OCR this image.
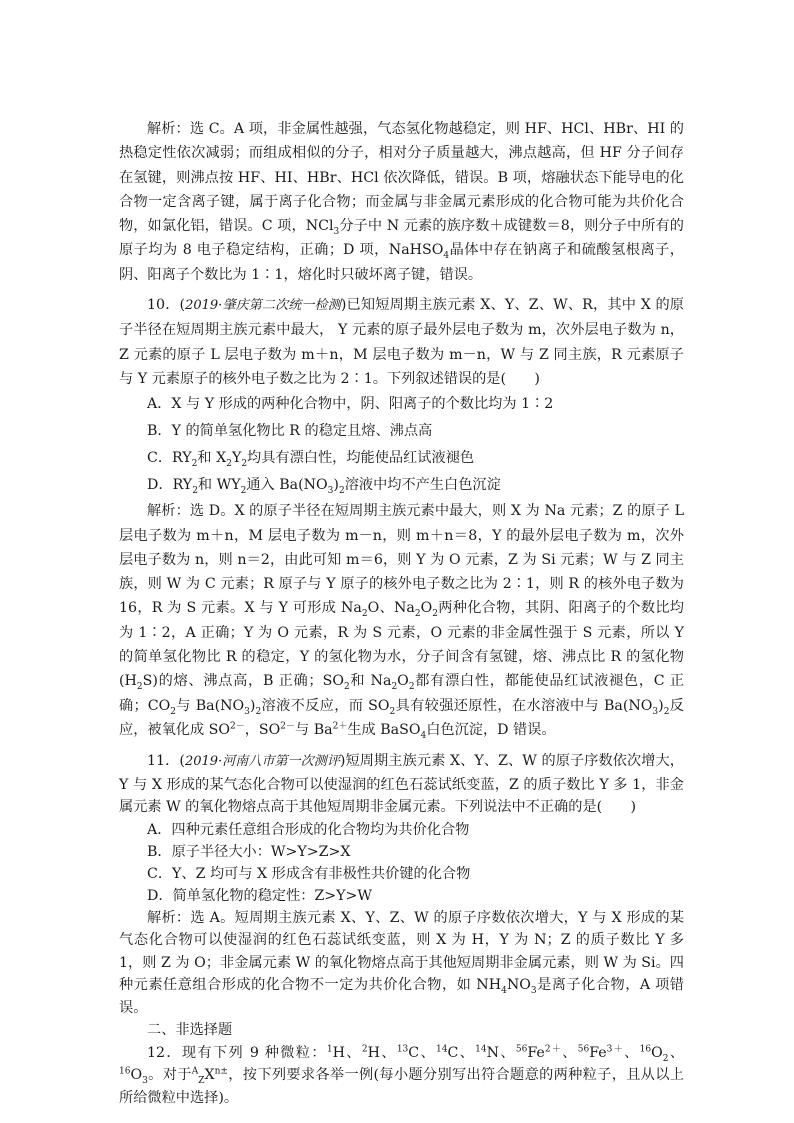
解析：选 C。A 项，非金属性越强，气态氢化物越稳定，则 HF、HCl、HBr、HI 的热稳定性依次减弱；而组成相似的分子，相对分子质量越大，沸点越高，但 HF 分子间存在氢键，则沸点按 HF、HI、HBr、HCl 依次降低，错误。B 项，熔融状态下能导电的化合物一定含离子键，属于离子化合物；而金属与非金属元素形成的化合物可能为共价化合物，如氯化铝，错误。C 项，NCl$_3$分子中 N 元素的族序数＋成键数＝8，则分子中所有的原子均为 8 电子稳定结构，正确；D 项，NaHSO$_4$晶体中存在钠离子和硫酸氢根离子，阴、阳离子个数比为 1∶1，熔化时只破坏离子键，错误。

10．(2019·肇庆第二次统一检测)已知短周期主族元素 X、Y、Z、W、R，其中 X 的原子半径在短周期主族元素中最大， Y 元素的原子最外层电子数为 m，次外层电子数为 n，Z 元素的原子 L 层电子数为 m＋n，M 层电子数为 m－n，W 与 Z 同主族，R 元素原子与 Y 元素原子的核外电子数之比为 2∶1。下列叙述错误的是(　　)

A．X 与 Y 形成的两种化合物中，阴、阳离子的个数比均为 1∶2

B．Y 的简单氢化物比 R 的稳定且熔、沸点高

C．$RY_2$和 $X_2Y_2$均具有漂白性，均能使品红试液褪色

D．$RY_2$和 $WY_2$通入 $Ba(NO_3)_2$溶液中均不产生白色沉淀

解析：选 D。X 的原子半径在短周期主族元素中最大，则 X 为 Na 元素；Z 的原子 L 层电子数为 m＋n，M 层电子数为 m－n，则 m＋n＝8，Y 的最外层电子数为 m，次外层电子数为 n，则 n＝2，由此可知 m＝6，则 Y 为 O 元素，Z 为 Si 元素；W 与 Z 同主族，则 W 为 C 元素；R 原子与 Y 原子的核外电子数之比为 2∶1，则 R 的核外电子数为 16，R 为 S 元素。X 与 Y 可形成 $Na_2O$、$Na_2O_2$两种化合物，其阴、阳离子的个数比均为 1∶2，A 正确；Y 为 O 元素，R 为 S 元素，O 元素的非金属性强于 S 元素，所以 Y 的简单氢化物比 R 的稳定，Y 的氢化物为水，分子间含有氢键，熔、沸点比 R 的氢化物$(H_2S)$的熔、沸点高，B 正确；$SO_2$和 $Na_2O_2$都有漂白性，都能使品红试液褪色，C 正确；$CO_2$与 $Ba(NO_3)_2$溶液不反应，而 $SO_2$具有较强还原性，在水溶液中与 $Ba(NO_3)_2$反应，被氧化成 $SO^{2-}$，$SO^{2-}$与 $Ba^{2+}$生成 BaSO$_4$白色沉淀，D 错误。

11．(2019·河南八市第一次测评)短周期主族元素 X、Y、Z、W 的原子序数依次增大，Y 与 X 形成的某气态化合物可以使湿润的红色石蕊试纸变蓝，Z 的质子数比 Y 多 1，非金属元素 W 的氧化物熔点高于其他短周期非金属元素。下列说法中不正确的是(　　)

A．四种元素任意组合形成的化合物均为共价化合物

B．原子半径大小：W>Y>Z>X

C．Y、Z 均可与 X 形成含有非极性共价键的化合物

D．简单氢化物的稳定性：Z>Y>W

解析：选 A。短周期主族元素 X、Y、Z、W 的原子序数依次增大，Y 与 X 形成的某气态化合物可以使湿润的红色石蕊试纸变蓝，则 X 为 H，Y 为 N；Z 的质子数比 Y 多 1，则 Z 为 O；非金属元素 W 的氧化物熔点高于其他短周期非金属元素，则 W 为 Si。四种元素任意组合形成的化合物不一定为共价化合物，如 $NH_4NO_3$是离子化合物，A 项错误。

二、非选择题

12．现有下列 9 种微粒：$^1$H、$^2$H、$^{13}$C、$^{14}$C、$^{14}$N、$^{56}Fe^{2+}$、$^{56}Fe^{3+}$、$^{16}O_2$、$^{16}O_3$。对于$^A_ZX^{n\pm}$，按下列要求各举一例(每小题分别写出符合题意的两种粒子，且从以上所给微粒中选择)。
